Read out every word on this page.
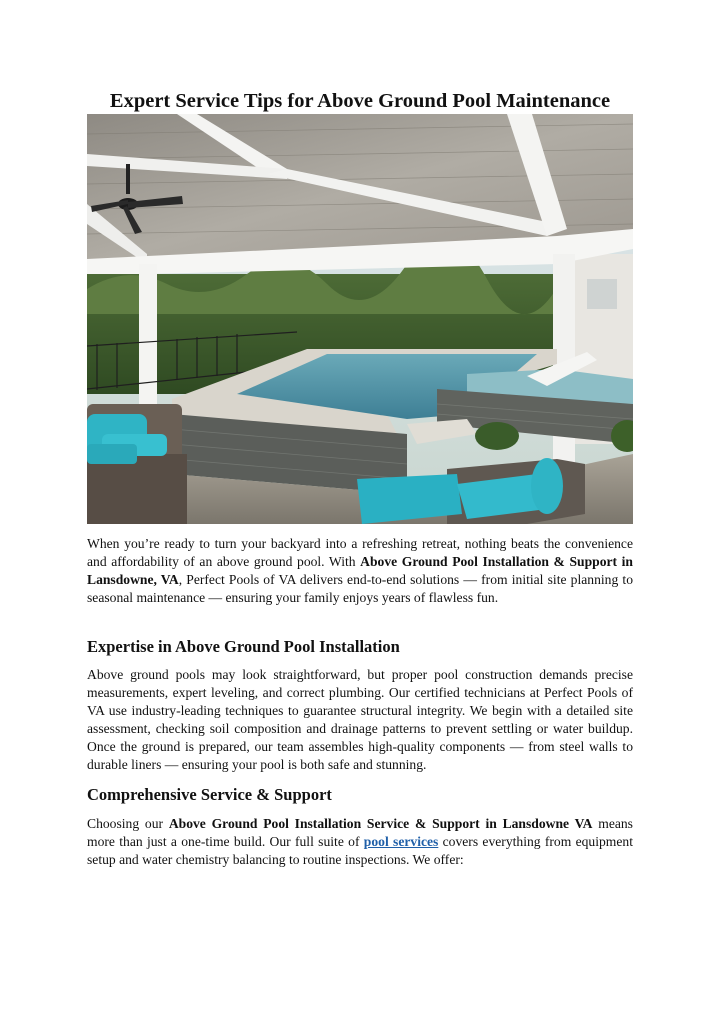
Expert Service Tips for Above Ground Pool Maintenance

When you’re ready to turn your backyard into a refreshing retreat, nothing beats the convenience and affordability of an above ground pool. With Above Ground Pool Installation & Support in Lansdowne, VA, Perfect Pools of VA delivers end-to-end solutions — from initial site planning to seasonal maintenance — ensuring your family enjoys years of flawless fun.

Expertise in Above Ground Pool Installation

Above ground pools may look straightforward, but proper pool construction demands precise measurements, expert leveling, and correct plumbing. Our certified technicians at Perfect Pools of VA use industry-leading techniques to guarantee structural integrity. We begin with a detailed site assessment, checking soil composition and drainage patterns to prevent settling or water buildup. Once the ground is prepared, our team assembles high-quality components — from steel walls to durable liners — ensuring your pool is both safe and stunning.

Comprehensive Service & Support

Choosing our Above Ground Pool Installation Service & Support in Lansdowne VA means more than just a one-time build. Our full suite of pool services covers everything from equipment setup and water chemistry balancing to routine inspections. We offer:
